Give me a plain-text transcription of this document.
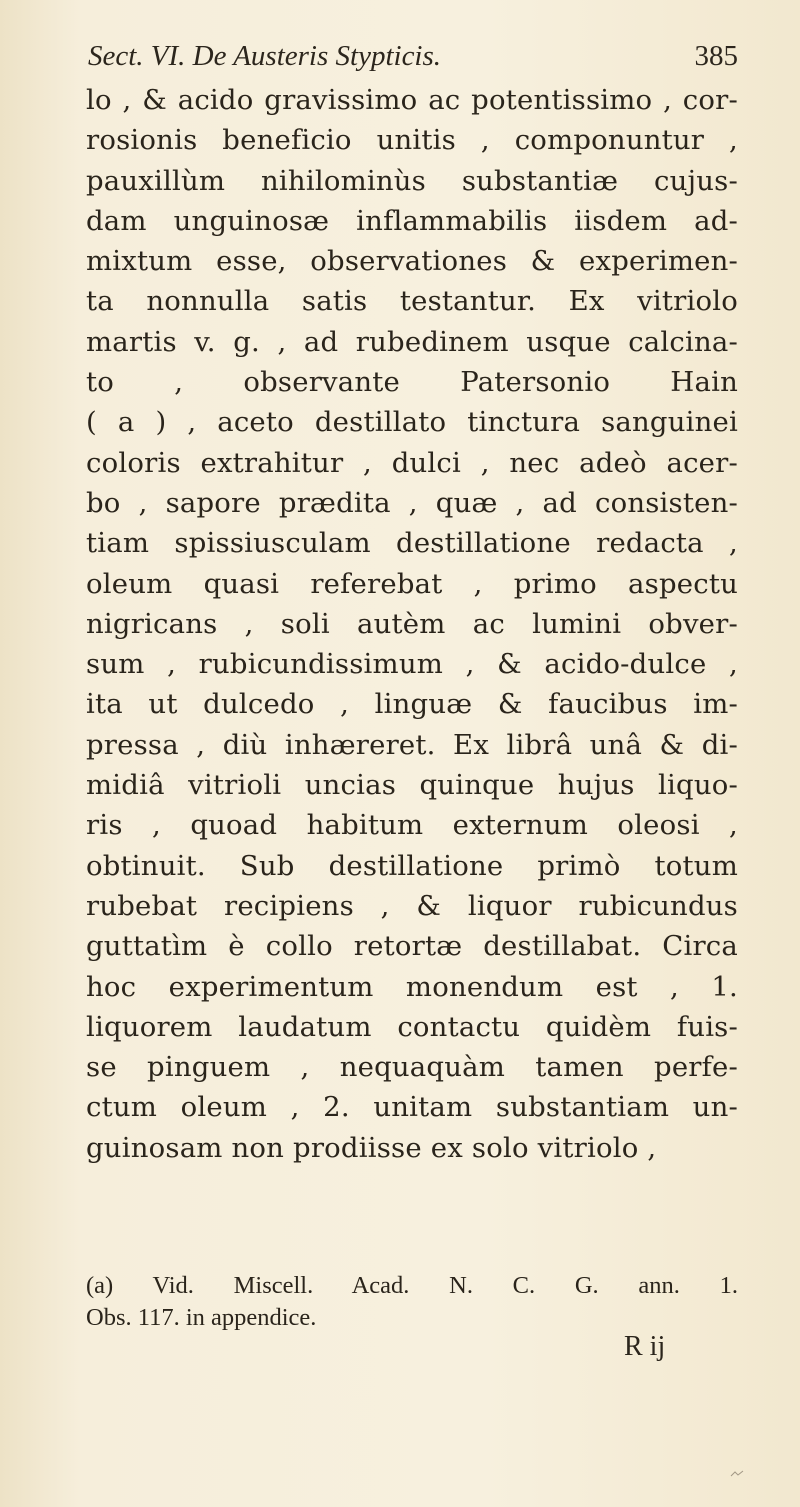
Sect. VI. De Austeris Stypticis.	385
lo , & acido gravissimo ac potentissimo , cor-
rosionis beneficio unitis , componuntur ,
pauxillùm nihilominùs substantiæ cujus-
dam unguinosæ inflammabilis iisdem ad-
mixtum esse, observationes & experimen-
ta nonnulla satis testantur. Ex vitriolo
martis v. g. , ad rubedinem usque calcina-
to , observante Patersonio Hain
( a ) , aceto destillato tinctura sanguinei
coloris extrahitur , dulci , nec adeò acer-
bo , sapore prædita , quæ , ad consisten-
tiam spissiusculam destillatione redacta ,
oleum quasi referebat , primo aspectu
nigricans , soli autèm ac lumini obver-
sum , rubicundissimum , & acido-dulce ,
ita ut dulcedo , linguæ & faucibus im-
pressa , diù inhæreret. Ex librâ unâ & di-
midiâ vitrioli uncias quinque hujus liquo-
ris , quoad habitum externum oleosi ,
obtinuit. Sub destillatione primò totum
rubebat recipiens , & liquor rubicundus
guttatìm è collo retortæ destillabat. Circa
hoc experimentum monendum est , 1.
liquorem laudatum contactu quidèm fuis-
se pinguem , nequaquàm tamen perfe-
ctum oleum , 2. unitam substantiam un-
guinosam non prodiisse ex solo vitriolo ,
(a) Vid. Miscell. Acad. N. C. G. ann. 1.
Obs. 117. in appendice.
R ij
